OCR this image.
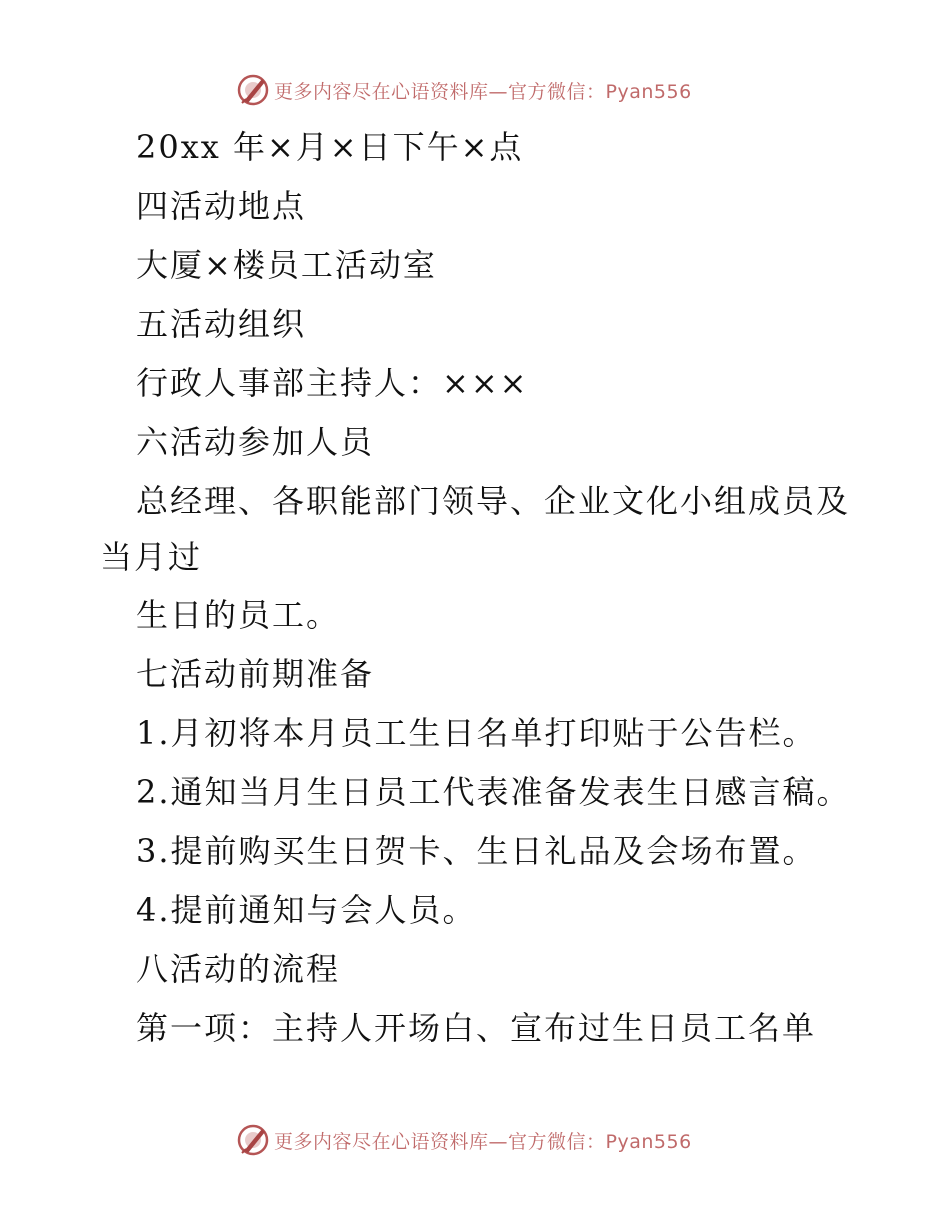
更多内容尽在心语资料库—官方微信：Pyan556
20xx 年×月×日下午×点
四活动地点
大厦×楼员工活动室
五活动组织
行政人事部主持人：×××
六活动参加人员
总经理、各职能部门领导、企业文化小组成员及
当月过
生日的员工。
七活动前期准备
1.月初将本月员工生日名单打印贴于公告栏。
2.通知当月生日员工代表准备发表生日感言稿。
3.提前购买生日贺卡、生日礼品及会场布置。
4.提前通知与会人员。
八活动的流程
第一项：主持人开场白、宣布过生日员工名单
更多内容尽在心语资料库—官方微信：Pyan556
